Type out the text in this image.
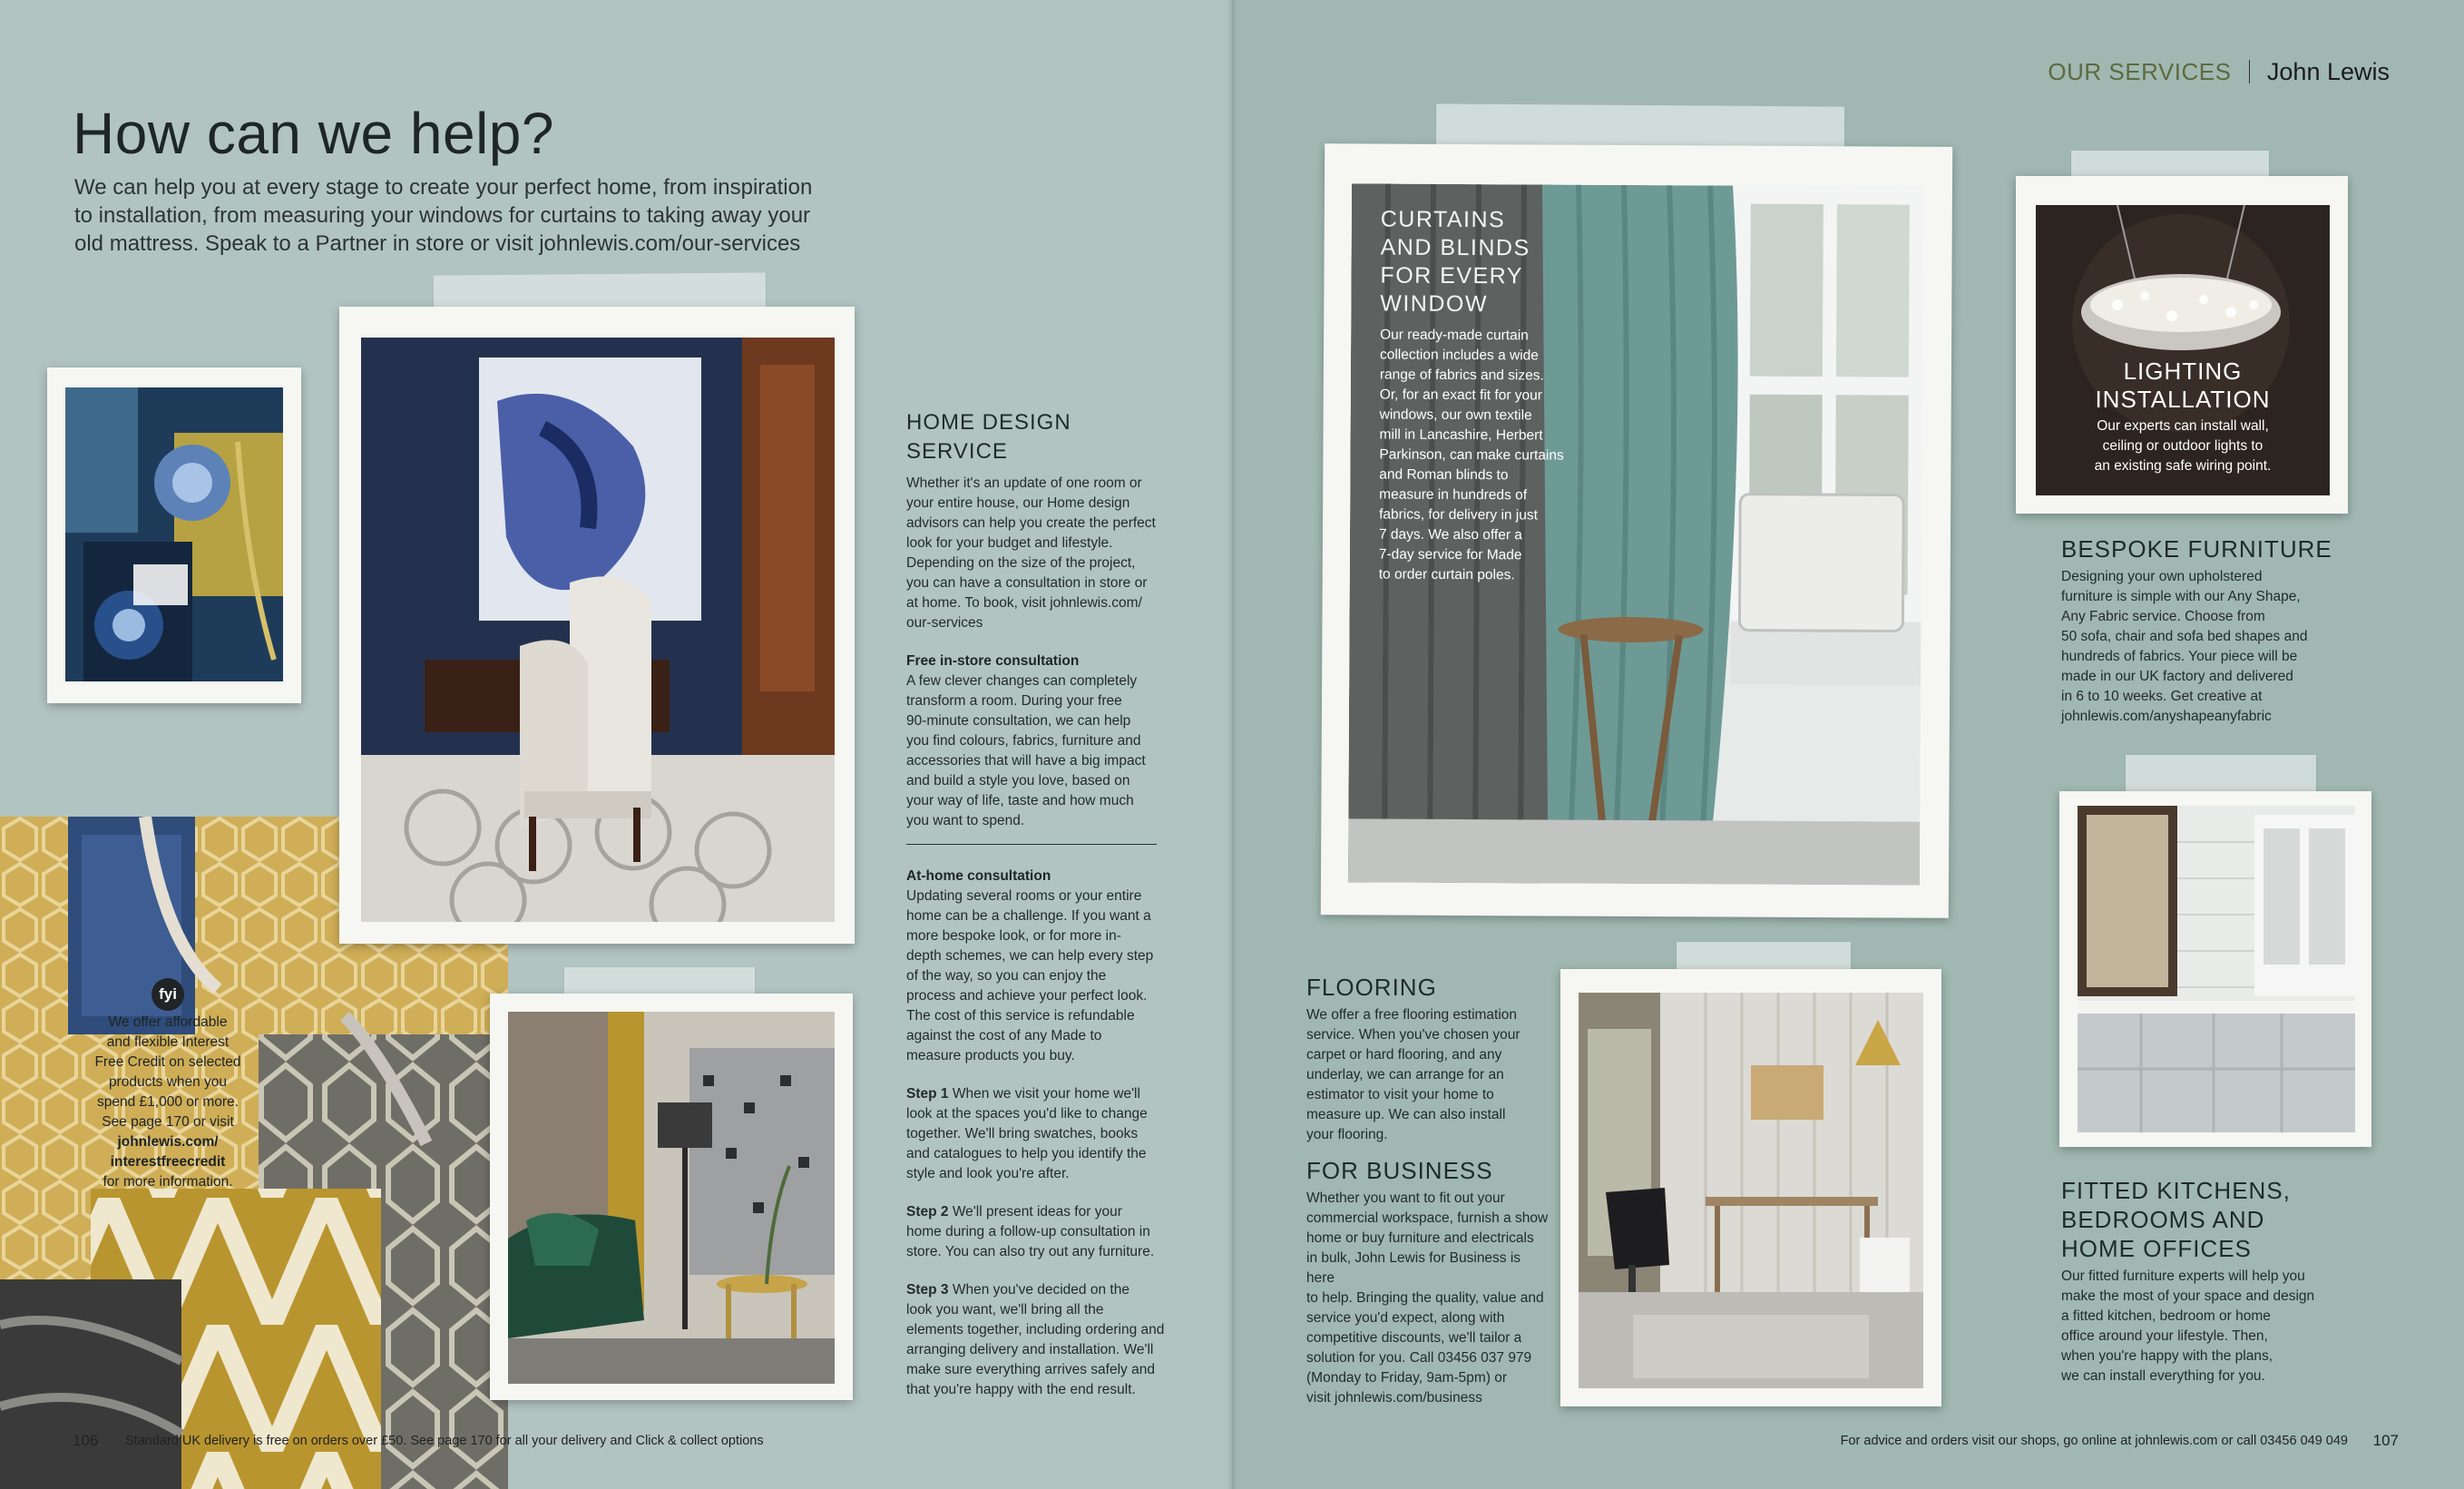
How can we help?
We can help you at every stage to create your perfect home, from inspiration
to installation, from measuring your windows for curtains to taking away your
old mattress. Speak to a Partner in store or visit johnlewis.com/our-services
fyi
We offer affordable
and flexible Interest
Free Credit on selected
products when you
spend £1,000 or more.
See page 170 or visit
johnlewis.com/
interestfreecredit
for more information.
HOME DESIGN SERVICE
Whether it's an update of one room or
your entire house, our Home design
advisors can help you create the perfect
look for your budget and lifestyle.
Depending on the size of the project,
you can have a consultation in store or
at home. To book, visit johnlewis.com/
our-services
Free in-store consultation
A few clever changes can completely
transform a room. During your free
90-minute consultation, we can help
you find colours, fabrics, furniture and
accessories that will have a big impact
and build a style you love, based on
your way of life, taste and how much
you want to spend.
At-home consultation
Updating several rooms or your entire
home can be a challenge. If you want a
more bespoke look, or for more in-
depth schemes, we can help every step
of the way, so you can enjoy the
process and achieve your perfect look.
The cost of this service is refundable
against the cost of any Made to
measure products you buy.
Step 1 When we visit your home we'll
look at the spaces you'd like to change
together. We'll bring swatches, books
and catalogues to help you identify the
style and look you're after.
Step 2 We'll present ideas for your
home during a follow-up consultation in
store. You can also try out any furniture.
Step 3 When you've decided on the
look you want, we'll bring all the
elements together, including ordering and
arranging delivery and installation. We'll
make sure everything arrives safely and
that you're happy with the end result.
106 Standard UK delivery is free on orders over £50. See page 170 for all your delivery and Click & collect options
OUR SERVICES John Lewis
CURTAINS
AND BLINDS
FOR EVERY
WINDOW
Our ready-made curtain
collection includes a wide
range of fabrics and sizes.
Or, for an exact fit for your
windows, our own textile
mill in Lancashire, Herbert
Parkinson, can make curtains
and Roman blinds to
measure in hundreds of
fabrics, for delivery in just
7 days. We also offer a
7-day service for Made
to order curtain poles.
LIGHTING
INSTALLATION
Our experts can install wall,
ceiling or outdoor lights to
an existing safe wiring point.
BESPOKE FURNITURE
Designing your own upholstered
furniture is simple with our Any Shape,
Any Fabric service. Choose from
50 sofa, chair and sofa bed shapes and
hundreds of fabrics. Your piece will be
made in our UK factory and delivered
in 6 to 10 weeks. Get creative at
johnlewis.com/anyshapeanyfabric
FLOORING
We offer a free flooring estimation
service. When you've chosen your
carpet or hard flooring, and any
underlay, we can arrange for an
estimator to visit your home to
measure up. We can also install
your flooring.
FOR BUSINESS
Whether you want to fit out your
commercial workspace, furnish a show
home or buy furniture and electricals
in bulk, John Lewis for Business is here
to help. Bringing the quality, value and
service you'd expect, along with
competitive discounts, we'll tailor a
solution for you. Call 03456 037 979
(Monday to Friday, 9am-5pm) or
visit johnlewis.com/business
FITTED KITCHENS,
BEDROOMS AND
HOME OFFICES
Our fitted furniture experts will help you
make the most of your space and design
a fitted kitchen, bedroom or home
office around your lifestyle. Then,
when you're happy with the plans,
we can install everything for you.
For advice and orders visit our shops, go online at johnlewis.com or call 03456 049 049 107
